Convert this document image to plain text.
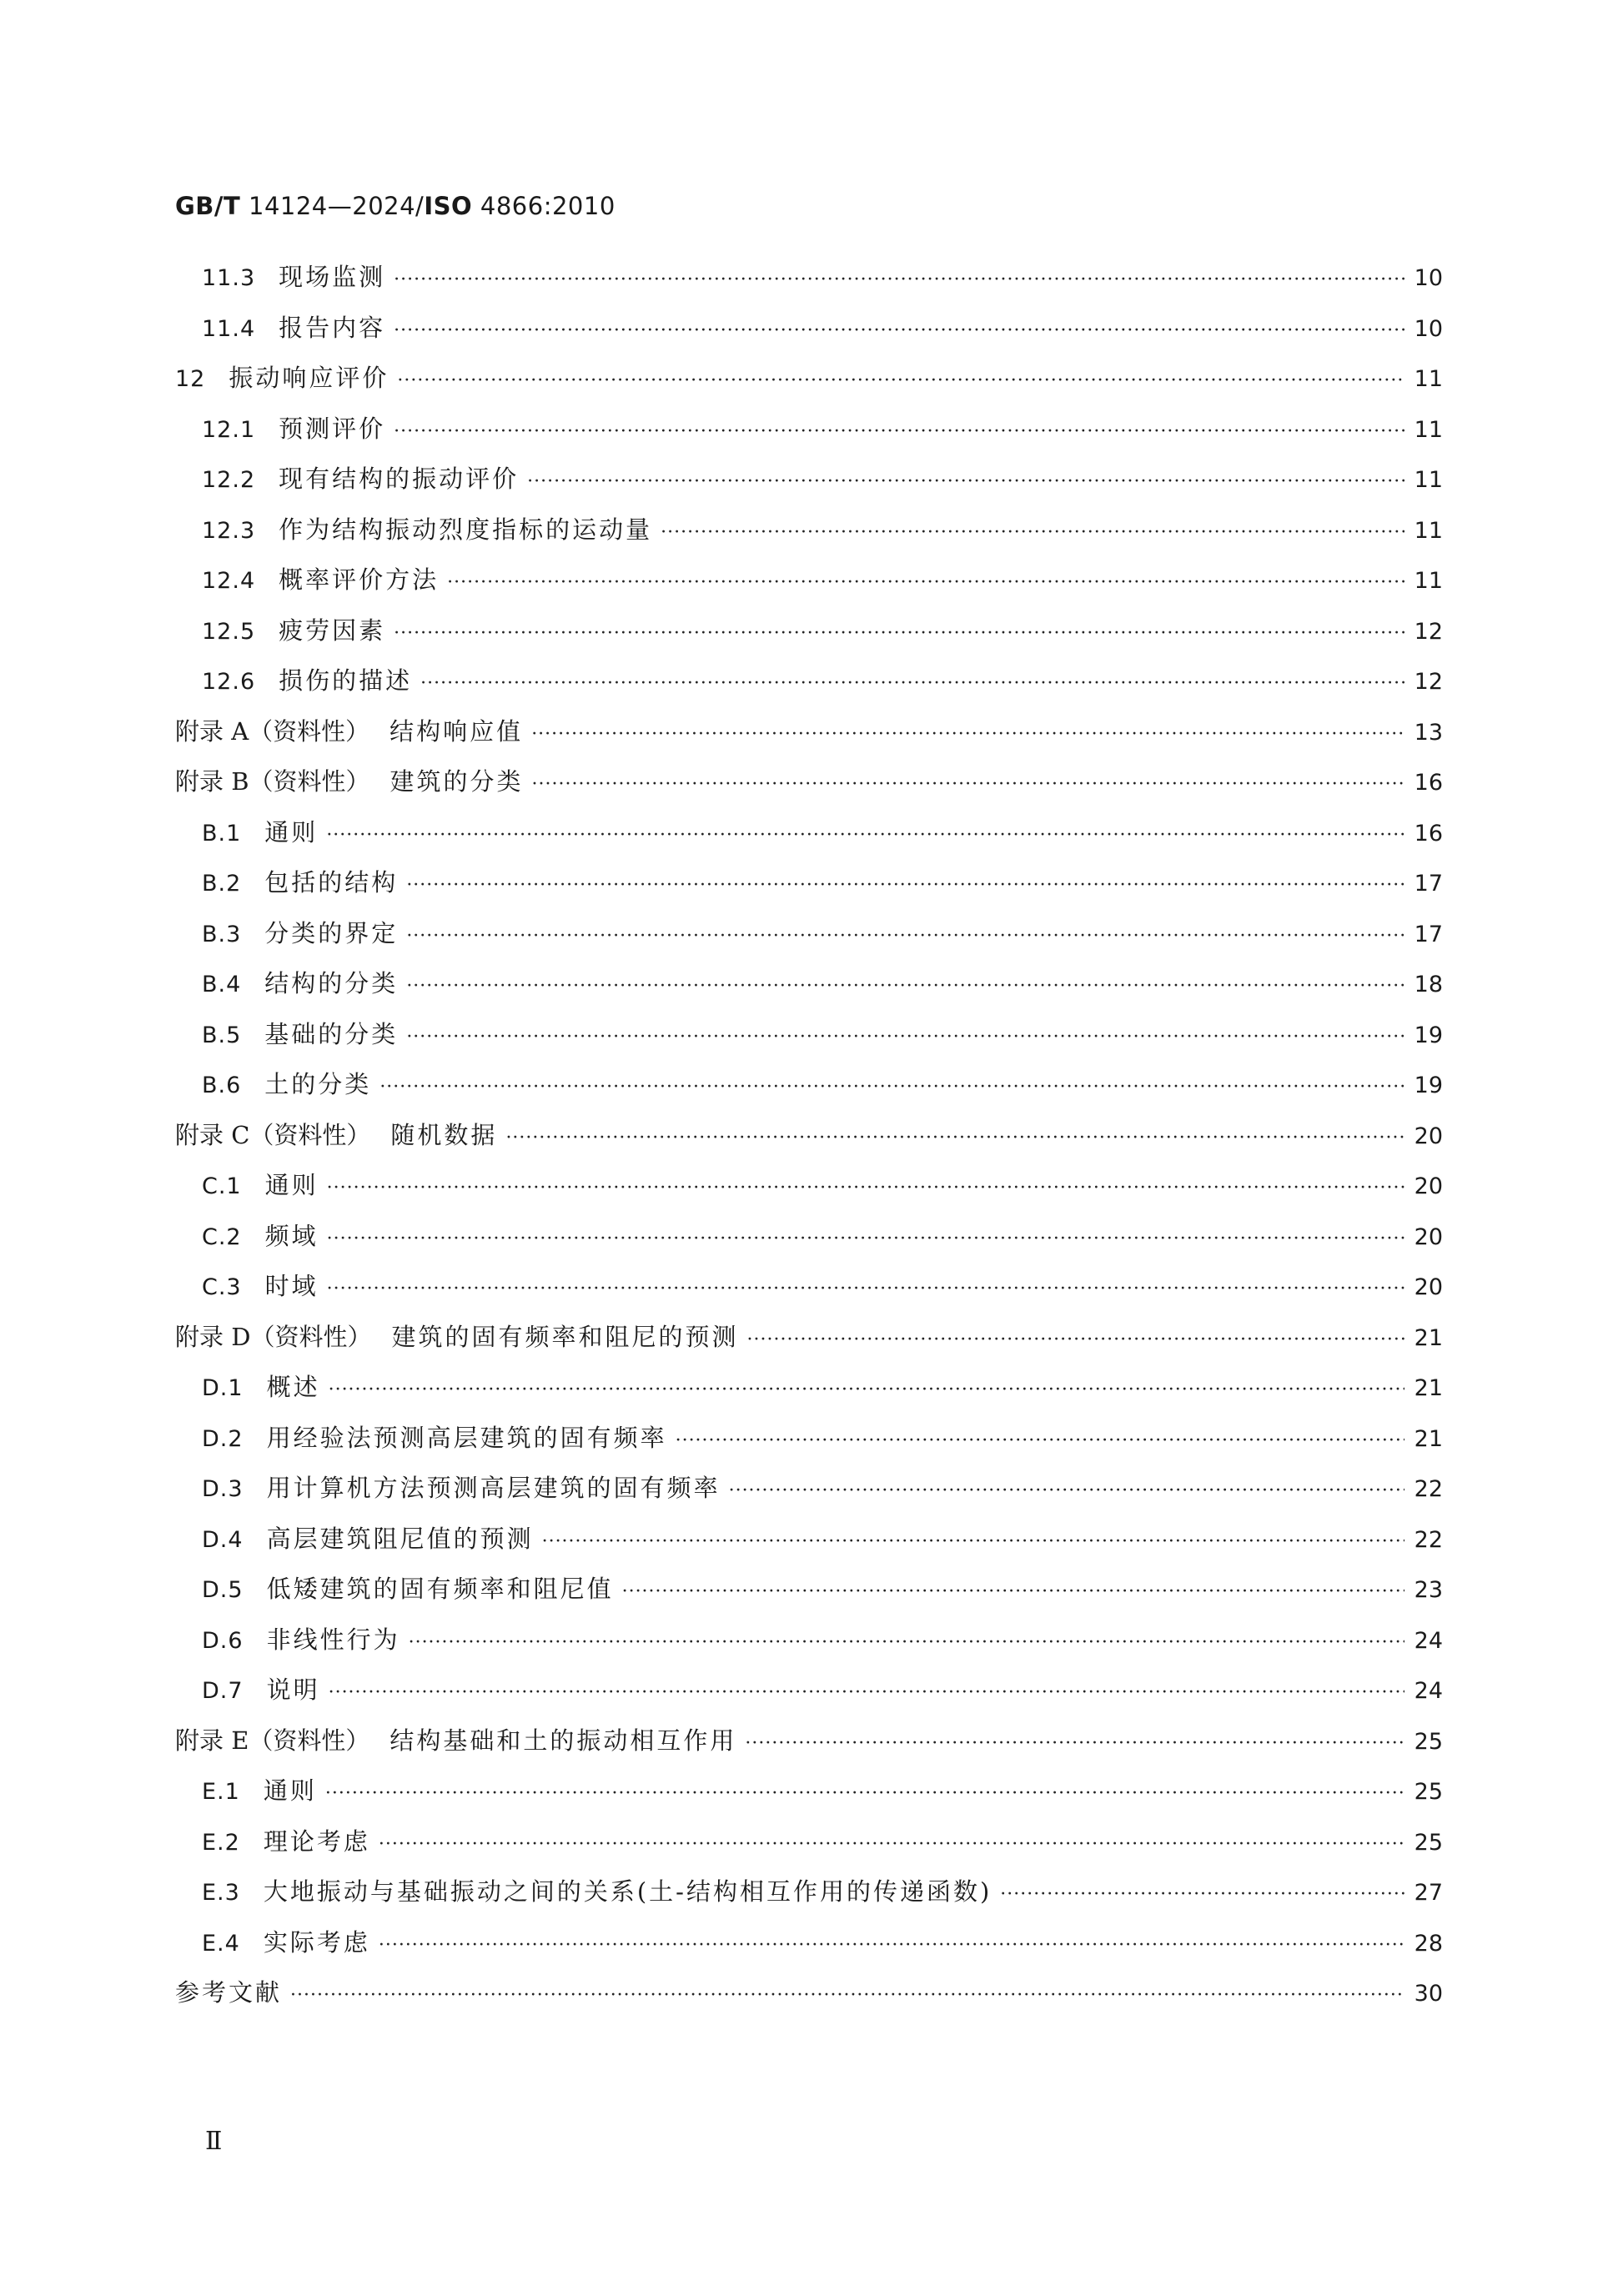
GB/T 14124—2024/ISO 4866:2010
11.3 现场监测 ·····	10
11.4 报告内容 ·····	10
12 振动响应评价 ·····	11
12.1 预测评价 ·····	11
12.2 现有结构的振动评价 ·····	11
12.3 作为结构振动烈度指标的运动量 ·····	11
12.4 概率评价方法 ·····	11
12.5 疲劳因素 ·····	12
12.6 损伤的描述 ·····	12
附录 A（资料性） 结构响应值 ·····	13
附录 B（资料性） 建筑的分类 ·····	16
B.1 通则 ·····	16
B.2 包括的结构 ·····	17
B.3 分类的界定 ·····	17
B.4 结构的分类 ·····	18
B.5 基础的分类 ·····	19
B.6 土的分类 ·····	19
附录 C（资料性） 随机数据 ·····	20
C.1 通则 ·····	20
C.2 频域 ·····	20
C.3 时域 ·····	20
附录 D（资料性） 建筑的固有频率和阻尼的预测 ·····	21
D.1 概述 ·····	21
D.2 用经验法预测高层建筑的固有频率 ·····	21
D.3 用计算机方法预测高层建筑的固有频率 ·····	22
D.4 高层建筑阻尼值的预测 ·····	22
D.5 低矮建筑的固有频率和阻尼值 ·····	23
D.6 非线性行为 ·····	24
D.7 说明 ·····	24
附录 E（资料性） 结构基础和土的振动相互作用 ·····	25
E.1 通则 ·····	25
E.2 理论考虑 ·····	25
E.3 大地振动与基础振动之间的关系(土-结构相互作用的传递函数) ·····	27
E.4 实际考虑 ·····	28
参考文献 ·····	30
Ⅱ
